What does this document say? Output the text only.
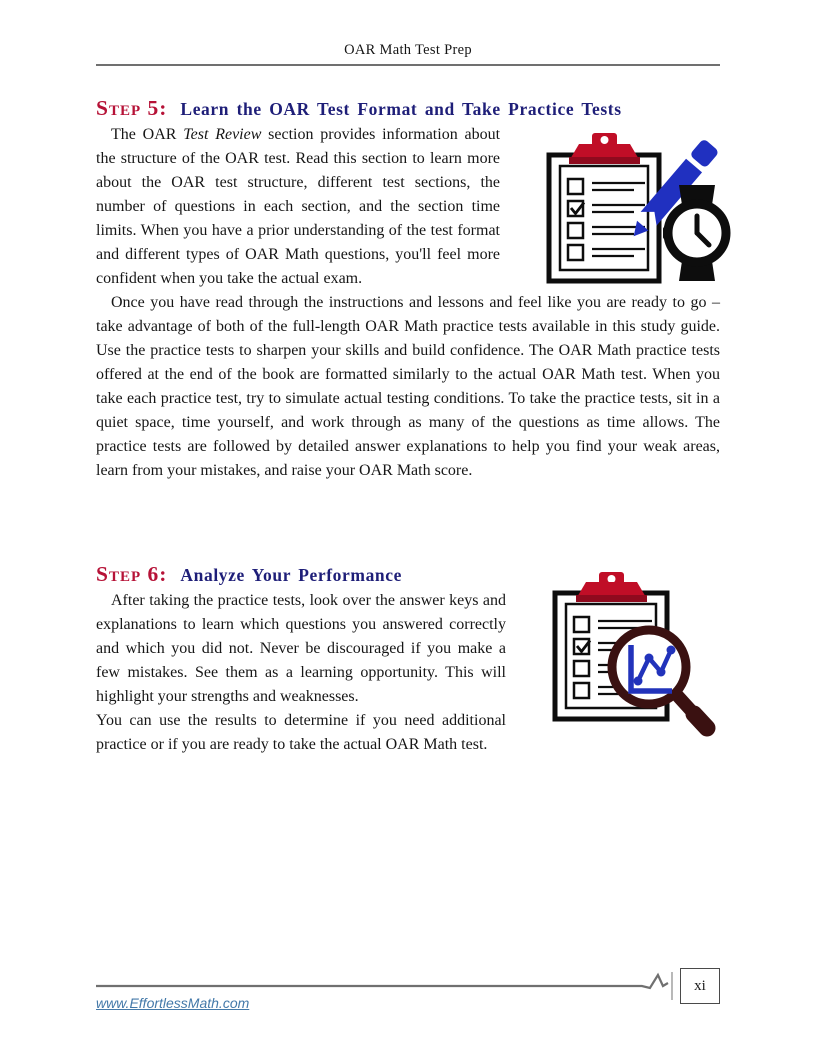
OAR Math Test Prep
Step 5: Learn the OAR Test Format and Take Practice Tests

The OAR Test Review section provides information about the structure of the OAR test. Read this section to learn more about the OAR test structure, different test sections, the number of questions in each section, and the section time limits. When you have a prior understanding of the test format and different types of OAR Math questions, you'll feel more confident when you take the actual exam.

Once you have read through the instructions and lessons and feel like you are ready to go – take advantage of both of the full-length OAR Math practice tests available in this study guide. Use the practice tests to sharpen your skills and build confidence. The OAR Math practice tests offered at the end of the book are formatted similarly to the actual OAR Math test. When you take each practice test, try to simulate actual testing conditions. To take the practice tests, sit in a quiet space, time yourself, and work through as many of the questions as time allows. The practice tests are followed by detailed answer explanations to help you find your weak areas, learn from your mistakes, and raise your OAR Math score.

Step 6: Analyze Your Performance

After taking the practice tests, look over the answer keys and explanations to learn which questions you answered correctly and which you did not. Never be discouraged if you make a few mistakes. See them as a learning opportunity. This will highlight your strengths and weaknesses.

You can use the results to determine if you need additional practice or if you are ready to take the actual OAR Math test.

xi
www.EffortlessMath.com
